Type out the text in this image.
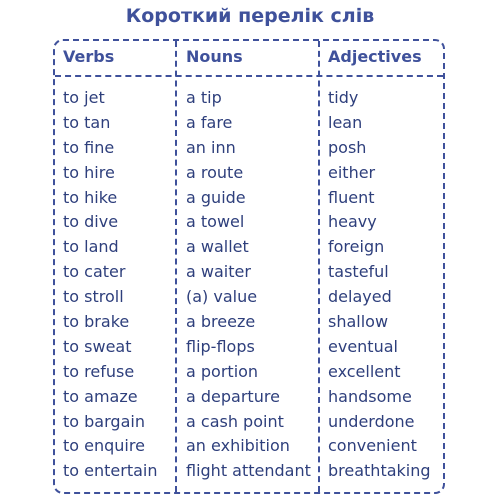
Короткий перелік слів
Verbs
to jet
to tan
to fine
to hire
to hike
to dive
to land
to cater
to stroll
to brake
to sweat
to refuse
to amaze
to bargain
to enquire
to entertain
Nouns
a tip
a fare
an inn
a route
a guide
a towel
a wallet
a waiter
(a) value
a breeze
flip-flops
a portion
a departure
a cash point
an exhibition
flight attendant
Adjectives
tidy
lean
posh
either
fluent
heavy
foreign
tasteful
delayed
shallow
eventual
excellent
handsome
underdone
convenient
breathtaking
